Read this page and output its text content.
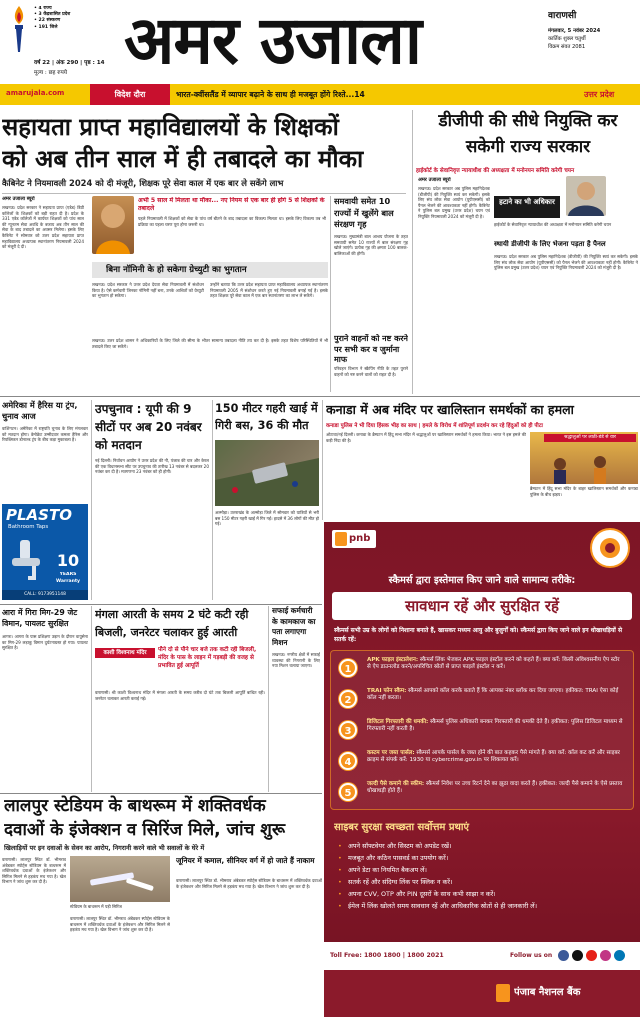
• 4 राज्य
• 3 केंद्रशासित प्रदेश
• 22 संस्करण
• 191 जिले
वर्ष 22 | अंक 290 | पृष्ठ : 14
मूल्य : छह रुपये अमर उजाला	वाराणसी
मंगलवार, 5 नवंबर 2024
कार्तिक शुक्ल चतुर्थी
विक्रम संवत 2081
amarujala.com	विदेश दौरा	भारत-क्वींसलैंड में व्यापार बढ़ाने के साथ ही मजबूत होंगे रिश्ते...14	उत्तर प्रदेश
सहायता प्राप्त महाविद्यालयों के शिक्षकों
को अब तीन साल में ही तबादले का मौका
कैबिनेट ने नियमावली 2024 को दी मंजूरी, शिक्षक पूरे सेवा काल में एक बार ले सकेंगे लाभ
अमर उजाला ब्यूरो
लखनऊ। प्रदेश सरकार ने सहायता प्राप्त (एडेड) डिग्री कॉलेजों के शिक्षकों को बड़ी राहत दी है। प्रदेश के 331 एडेड कॉलेजों में कार्यरत शिक्षकों को पांच साल की न्यूनतम सेवा अवधि के बजाय अब तीन साल की सेवा के बाद तबादले का अवसर मिलेगा। इसके लिए कैबिनेट ने सोमवार को उत्तर प्रदेश सहायता प्राप्त महाविद्यालय अध्यापक स्थानांतरण नियमावली 2024 को मंजूरी दे दी।
अभी 5 साल में मिलता था मौका... नए नियम से एक बार ही होंगे 5 से शिक्षकों के तबादले
पहले नियमावली में शिक्षकों को सेवा के पांच वर्ष बीतने के बाद तबादला का विकल्प मिलता था। इसके लिए विकल्प तब भी प्रक्रिया का पहला चरण पूरा होना जरूरी था।
बिना नॉमिनी के हो सकेगा ग्रेच्युटी का भुगतान
लखनऊ। प्रदेश सरकार ने उत्तर प्रदेश देयता सेवा नियमावली में संशोधन किया है। ऐसे कर्मचारी जिनका नॉमिनी नहीं बना, उनके आश्रितों को ग्रेच्युटी का भुगतान हो सकेगा।
उन्होंने बताया कि उत्तर प्रदेश सहायता प्राप्त महाविद्यालय अध्यापक स्थानांतरण नियमावली 2005 में संशोधन करते हुए नई नियमावली बनाई गई है। इसके तहत शिक्षक पूरे सेवा काल में एक बार स्थानांतरण का लाभ ले सकेंगे।
लखनऊ। उत्तर प्रदेश शासन ने अधिकारियों के लिए जिले की सीमा के भीतर सामान्य तबादला नीति तय कर दी है। इसके तहत विशेष परिस्थितियों में भी तबादले किए जा सकेंगे।
समवायी समेत 10 राज्यों में खुलेंगे बाल संरक्षण गृह
लखनऊ। मुख्यमंत्री बाल आश्रय योजना के तहत समवायी समेत 10 राज्यों में बाल संरक्षण गृह खोले जाएंगे। प्रत्येक गृह की क्षमता 100 बालक-बालिकाओं की होगी।
पुराने वाहनों को नष्ट करने पर सभी कर व जुर्माना माफ
परिवहन विभाग ने स्क्रैपिंग नीति के तहत पुराने वाहनों को नष्ट करने वालों को राहत दी है।
डीजीपी की सीधे नियुक्ति कर सकेगी राज्य सरकार
हाईकोर्ट के सेवानिवृत्त न्यायाधीश की अध्यक्षता में मनोनयन समिति करेगी चयन
अमर उजाला ब्यूरो
लखनऊ। प्रदेश सरकार अब पुलिस महानिदेशक (डीजीपी) की नियुक्ति स्वयं कर सकेगी। इसके लिए संघ लोक सेवा आयोग (यूपीएससी) को पैनल भेजने की आवश्यकता नहीं होगी। कैबिनेट ने पुलिस बल प्रमुख (उत्तर प्रदेश) चयन एवं नियुक्ति नियमावली 2024 को मंजूरी दी है।
हटाने का भी अधिकार
हाईकोर्ट के सेवानिवृत्त न्यायाधीश की अध्यक्षता में मनोनयन समिति करेगी चयन
स्थायी डीजीपी के लिए भेजना पड़ता है पैनल
लखनऊ। प्रदेश सरकार अब पुलिस महानिदेशक (डीजीपी) की नियुक्ति स्वयं कर सकेगी। इसके लिए संघ लोक सेवा आयोग (यूपीएससी) को पैनल भेजने की आवश्यकता नहीं होगी। कैबिनेट ने पुलिस बल प्रमुख (उत्तर प्रदेश) चयन एवं नियुक्ति नियमावली 2024 को मंजूरी दी है।
अमेरिका में हैरिस या ट्रंप, चुनाव आज
वाशिंगटन। अमेरिका में राष्ट्रपति चुनाव के लिए मंगलवार को मतदान होगा। डेमोक्रेट उम्मीदवार कमला हैरिस और रिपब्लिकन डोनाल्ड ट्रंप के बीच कड़ा मुकाबला है।
PLASTO
Bathroom Taps
10
YEARS Warranty
CALL: 9173951148
उपचुनाव : यूपी की 9 सीटों पर अब 20 नवंबर को मतदान
नई दिल्ली। निर्वाचन आयोग ने उत्तर प्रदेश की नौ, पंजाब की चार और केरल की एक विधानसभा सीट पर उपचुनाव की तारीख 13 नवंबर से बदलकर 20 नवंबर कर दी है। मतगणना 23 नवंबर को ही होगी।
150 मीटर गहरी खाई में गिरी बस, 36 की मौत
अल्मोड़ा। उत्तराखंड के अल्मोड़ा जिले में सोमवार को यात्रियों से भरी बस 150 मीटर गहरी खाई में गिर गई। हादसे में 36 लोगों की मौत हो गई।
कनाडा में अब मंदिर पर खालिस्तान समर्थकों का हमला
कनाडा पुलिस ने भी दिया हिंसक भीड़ का साथ | हमले के विरोध में शांतिपूर्ण प्रदर्शन कर रहे हिंदुओं को ही पीटा
ओटावा/नई दिल्ली। कनाडा के ब्रैम्पटन में हिंदू सभा मंदिर में श्रद्धालुओं पर खालिस्तान समर्थकों ने हमला किया। भारत ने इस हमले की कड़ी निंदा की है।
श्रद्धालुओं पर लाठी-डंडे से वार
ब्रैम्पटन में हिंदू सभा मंदिर के बाहर खालिस्तान समर्थकों और कनाडा पुलिस के बीच झड़प।
आरा में गिरा मिग-29 जेट विमान, पायलट सुरक्षित
आगरा। आगरा के पास प्रशिक्षण उड़ान के दौरान वायुसेना का मिग-29 लड़ाकू विमान दुर्घटनाग्रस्त हो गया। पायलट सुरक्षित है।
मंगला आरती के समय 2 घंटे कटी रही बिजली, जनरेटर चलाकर हुई आरती
काशी विश्वनाथ मंदिर	पौने दो से पौने चार बजे तक कटी रही बिजली, मंदिर के पास के लाइन में गड़बड़ी की वजह से प्रभावित हुई आपूर्ति
वाराणसी। श्री काशी विश्वनाथ मंदिर में मंगला आरती के समय करीब दो घंटे तक बिजली आपूर्ति बाधित रही। जनरेटर चलाकर आरती कराई गई।
सफाई कर्मचारी के कामकाज का पता लगाएगा मिशन
लखनऊ। नगरीय क्षेत्रों में सफाई व्यवस्था की निगरानी के लिए नया मिशन चलाया जाएगा।
लालपुर स्टेडियम के बाथरूम में शक्तिवर्धक
दवाओं के इंजेक्शन व सिरिंज मिले, जांच शुरू
खिलाड़ियों पर इन दवाओं के सेवन का आरोप, निगरानी करने वाले भी सवालों के घेरे में
वाराणसी। लालपुर स्थित डॉ. भीमराव अंबेडकर स्पोर्ट्स स्टेडियम के बाथरूम में शक्तिवर्धक दवाओं के इंजेक्शन और सिरिंज मिलने से हड़कंप मच गया है। खेल विभाग ने जांच शुरू कर दी है।
स्टेडियम के बाथरूम में पड़ी सिरिंज
वाराणसी। लालपुर स्थित डॉ. भीमराव अंबेडकर स्पोर्ट्स स्टेडियम के बाथरूम में शक्तिवर्धक दवाओं के इंजेक्शन और सिरिंज मिलने से हड़कंप मच गया है। खेल विभाग ने जांच शुरू कर दी है।
जूनियर में कमाल, सीनियर वर्ग में हो जाते हैं नाकाम
वाराणसी। लालपुर स्थित डॉ. भीमराव अंबेडकर स्पोर्ट्स स्टेडियम के बाथरूम में शक्तिवर्धक दवाओं के इंजेक्शन और सिरिंज मिलने से हड़कंप मच गया है। खेल विभाग ने जांच शुरू कर दी है।
pnb
स्कैमर्स द्वारा इस्तेमाल किए जाने वाले सामान्य तरीके:
सावधान रहें और सुरक्षित रहें
स्कैमर्स सभी उम्र के लोगों को निशाना बनाते हैं, खासकर मध्यम आयु और बुजुर्गों को। स्कैमर्स द्वारा किए जाने वाले इन धोखाधड़ियों से सतर्क रहें:
1
APK फाइल इंस्टालेशन: स्कैमर्स लिंक भेजकर APK फाइल इंस्टॉल करने को कहते हैं। क्या करें: किसी अविश्वसनीय ऐप स्टोर से ऐप डाउनलोड करने/अपरिचित स्रोतों से प्राप्त फाइलें इंस्टॉल न करें।
2
TRAI फोन स्कैम: स्कैमर्स आपको कॉल करके बताते हैं कि आपका नंबर ब्लॉक कर दिया जाएगा। हकीकत: TRAI ऐसा कोई कॉल नहीं करता।
3
डिजिटल गिरफ्तारी की धमकी: स्कैमर्स पुलिस अधिकारी बनकर गिरफ्तारी की धमकी देते हैं। हकीकत: पुलिस डिजिटल माध्यम से गिरफ्तारी नहीं करती है।
4
कस्टम पर जब्त पार्सल: स्कैमर्स आपके पार्सल के जब्त होने की बात कहकर पैसे मांगते हैं। क्या करें: कॉल कट करें और साइबर क्राइम से संपर्क करें: 1930 या cybercrime.gov.in पर शिकायत करें।
5
जल्दी पैसे कमाने की स्कीम: स्कैमर्स निवेश पर उच्च रिटर्न देने का झूठा वादा करते हैं। हकीकत: जल्दी पैसे कमाने के ऐसे प्रस्ताव धोखाधड़ी होते हैं।
साइबर सुरक्षा स्वच्छता सर्वोत्तम प्रथाएं
• अपने सॉफ्टवेयर और सिस्टम को अपडेट रखें।
• मजबूत और कठिन पासवर्ड का उपयोग करें।
• अपने डेटा का नियमित बैकअप लें।
• सतर्क रहें और संदिग्ध लिंक पर क्लिक न करें।
• अपना CVV, OTP और PIN दूसरों के साथ कभी साझा न करें।
• ईमेल में लिंक खोलते समय सावधान रहें और आधिकारिक स्रोतों से ही जानकारी लें।
Toll Free: 1800 1800 | 1800 2021	Follow us on
पंजाब नैशनल बैंक
